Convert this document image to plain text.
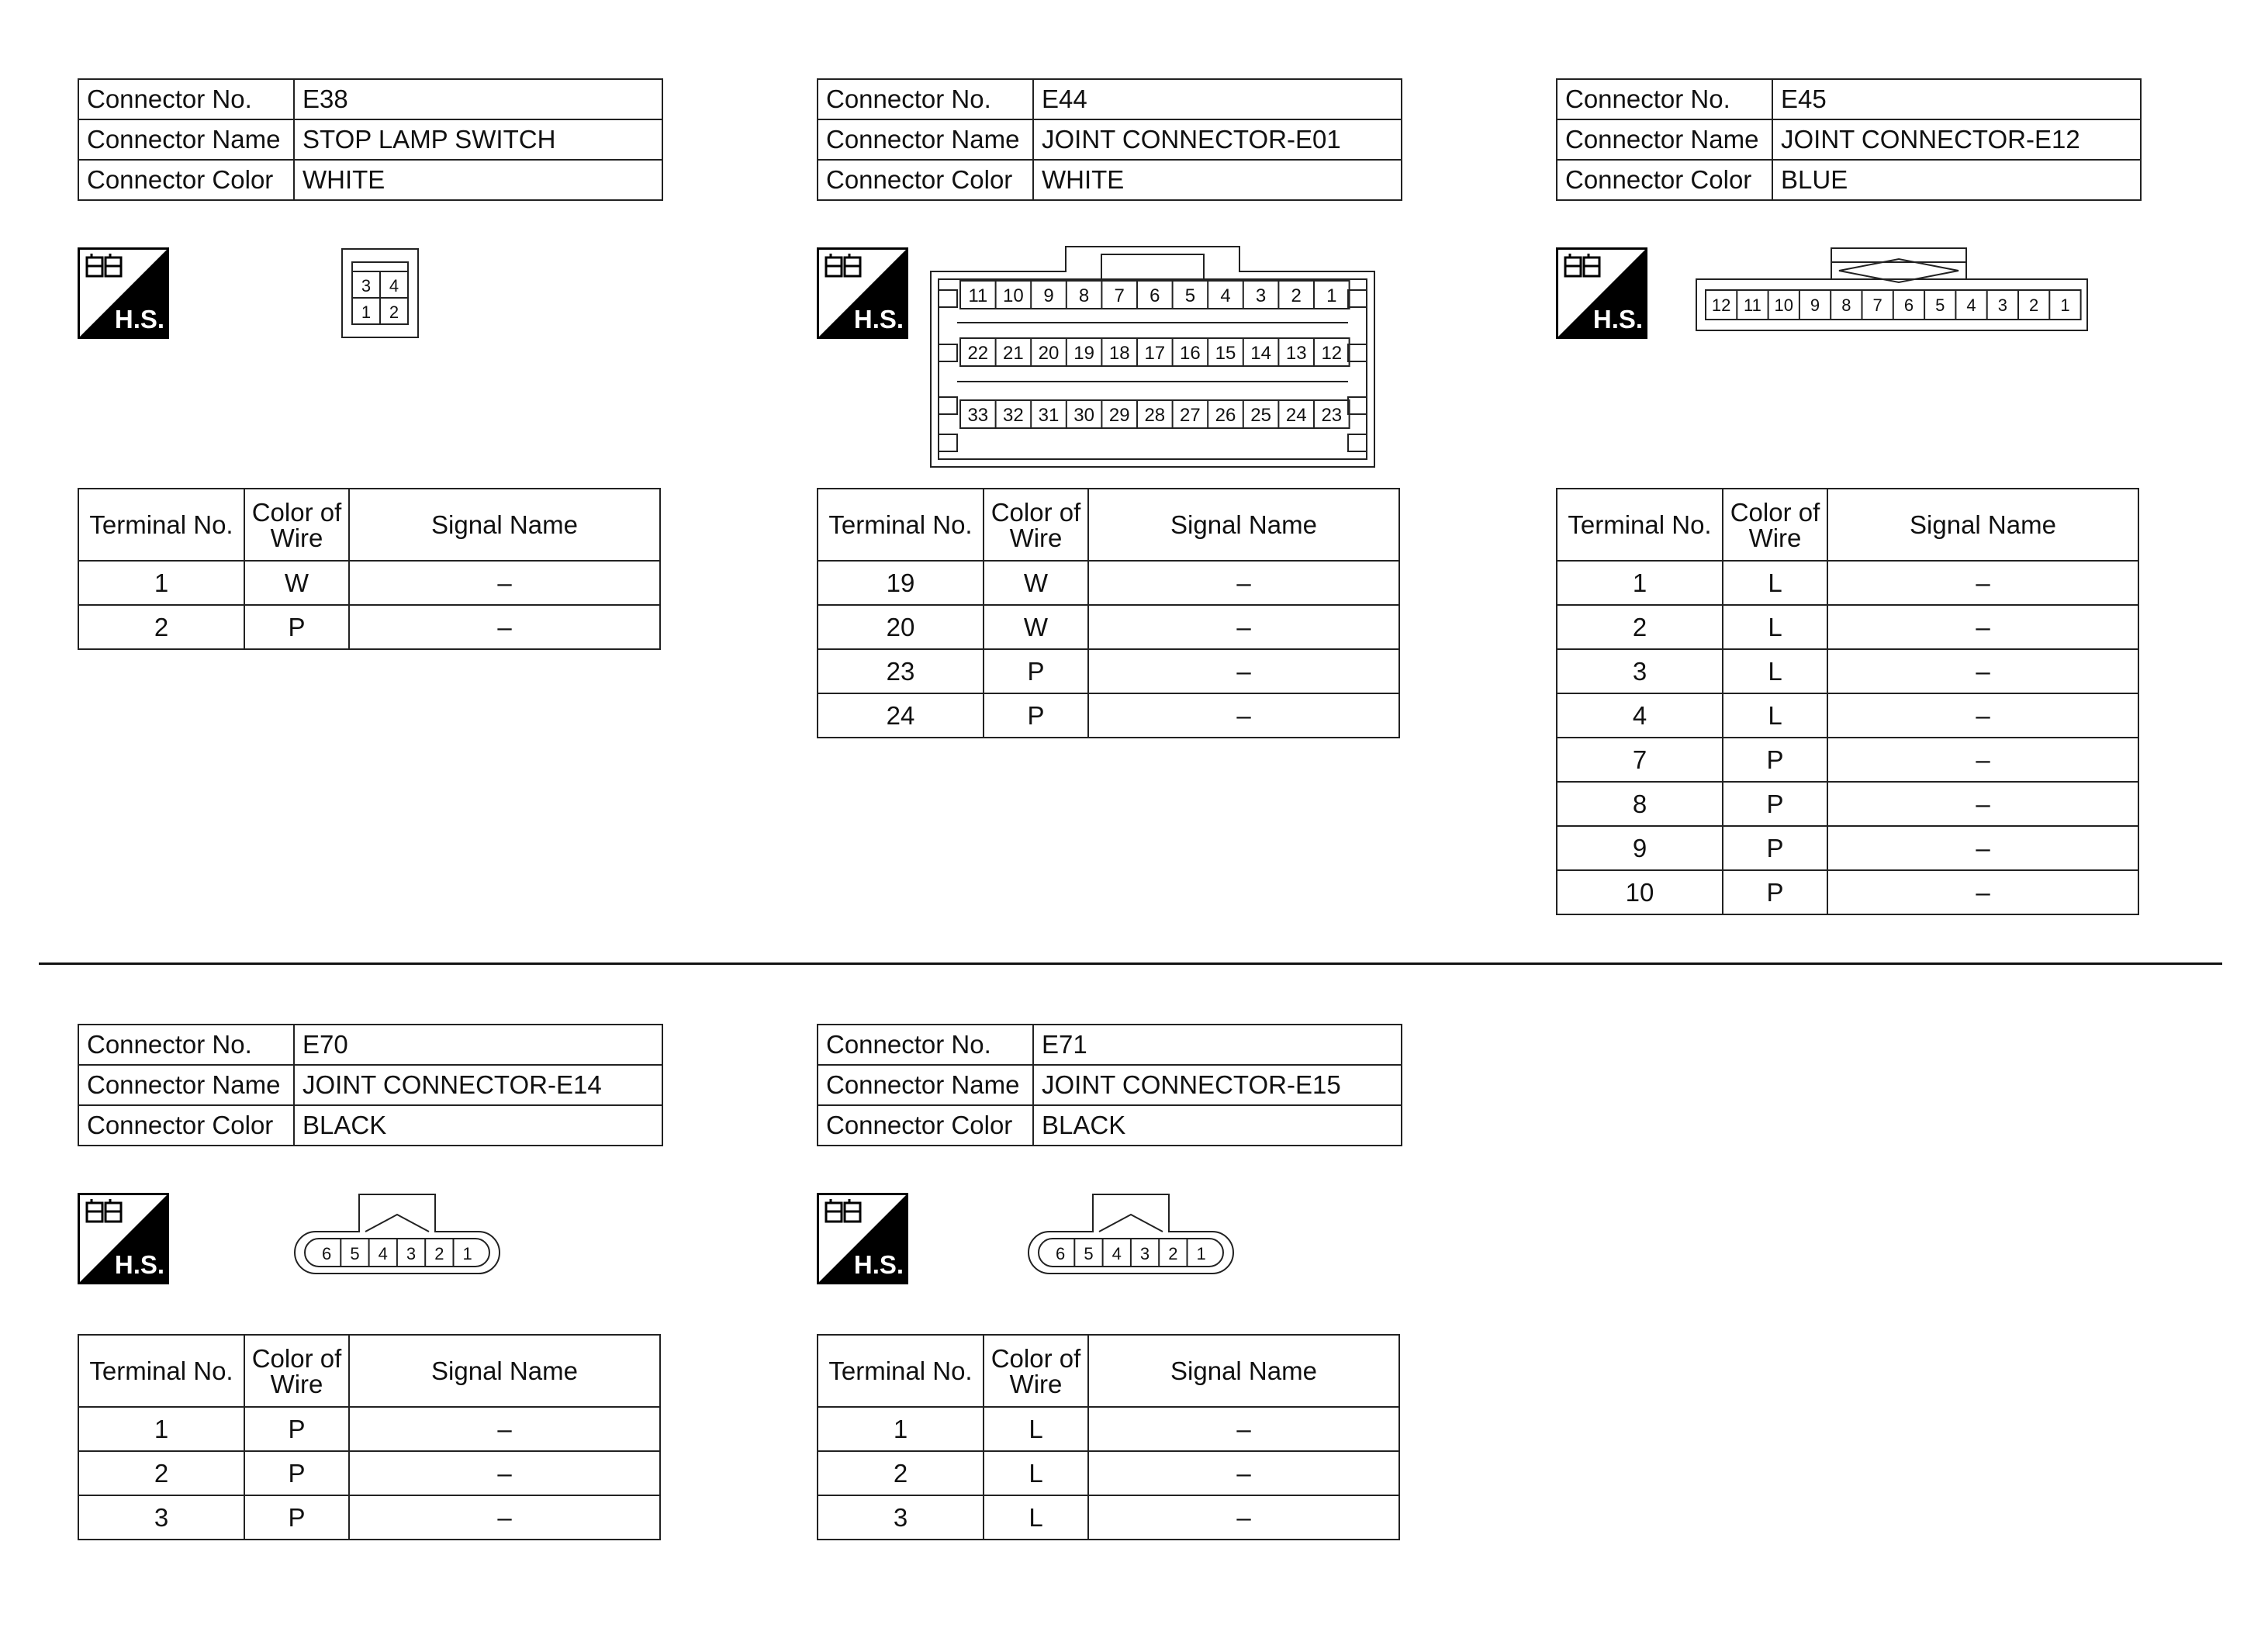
Connector No.	E38
Connector Name	STOP LAMP SWITCH
Connector Color	WHITE
H.S.
3 4
1 2
Terminal No.	Color of Wire	Signal Name
1	W	–
2	P	–
Connector No.	E44
Connector Name	JOINT CONNECTOR-E01
Connector Color	WHITE
H.S.
11 10 9 8 7 6 5 4 3 2 1
22 21 20 19 18 17 16 15 14 13 12
33 32 31 30 29 28 27 26 25 24 23
Terminal No.	Color of Wire	Signal Name
19	W	–
20	W	–
23	P	–
24	P	–
Connector No.	E45
Connector Name	JOINT CONNECTOR-E12
Connector Color	BLUE
H.S.	12 11 10 9 8 7 6 5 4 3 2 1
Terminal No.	Color of Wire	Signal Name
1	L	–
2	L	–
3	L	–
4	L	–
7	P	–
8	P	–
9	P	–
10	P	–
Connector No.	E70
Connector Name	JOINT CONNECTOR-E14
Connector Color	BLACK
H.S.	6 5 4 3 2 1
Terminal No.	Color of Wire	Signal Name
1	P	–
2	P	–
3	P	–
Connector No.	E71
Connector Name	JOINT CONNECTOR-E15
Connector Color	BLACK
H.S.	6 5 4 3 2 1
Terminal No.	Color of Wire	Signal Name
1	L	–
2	L	–
3	L	–
